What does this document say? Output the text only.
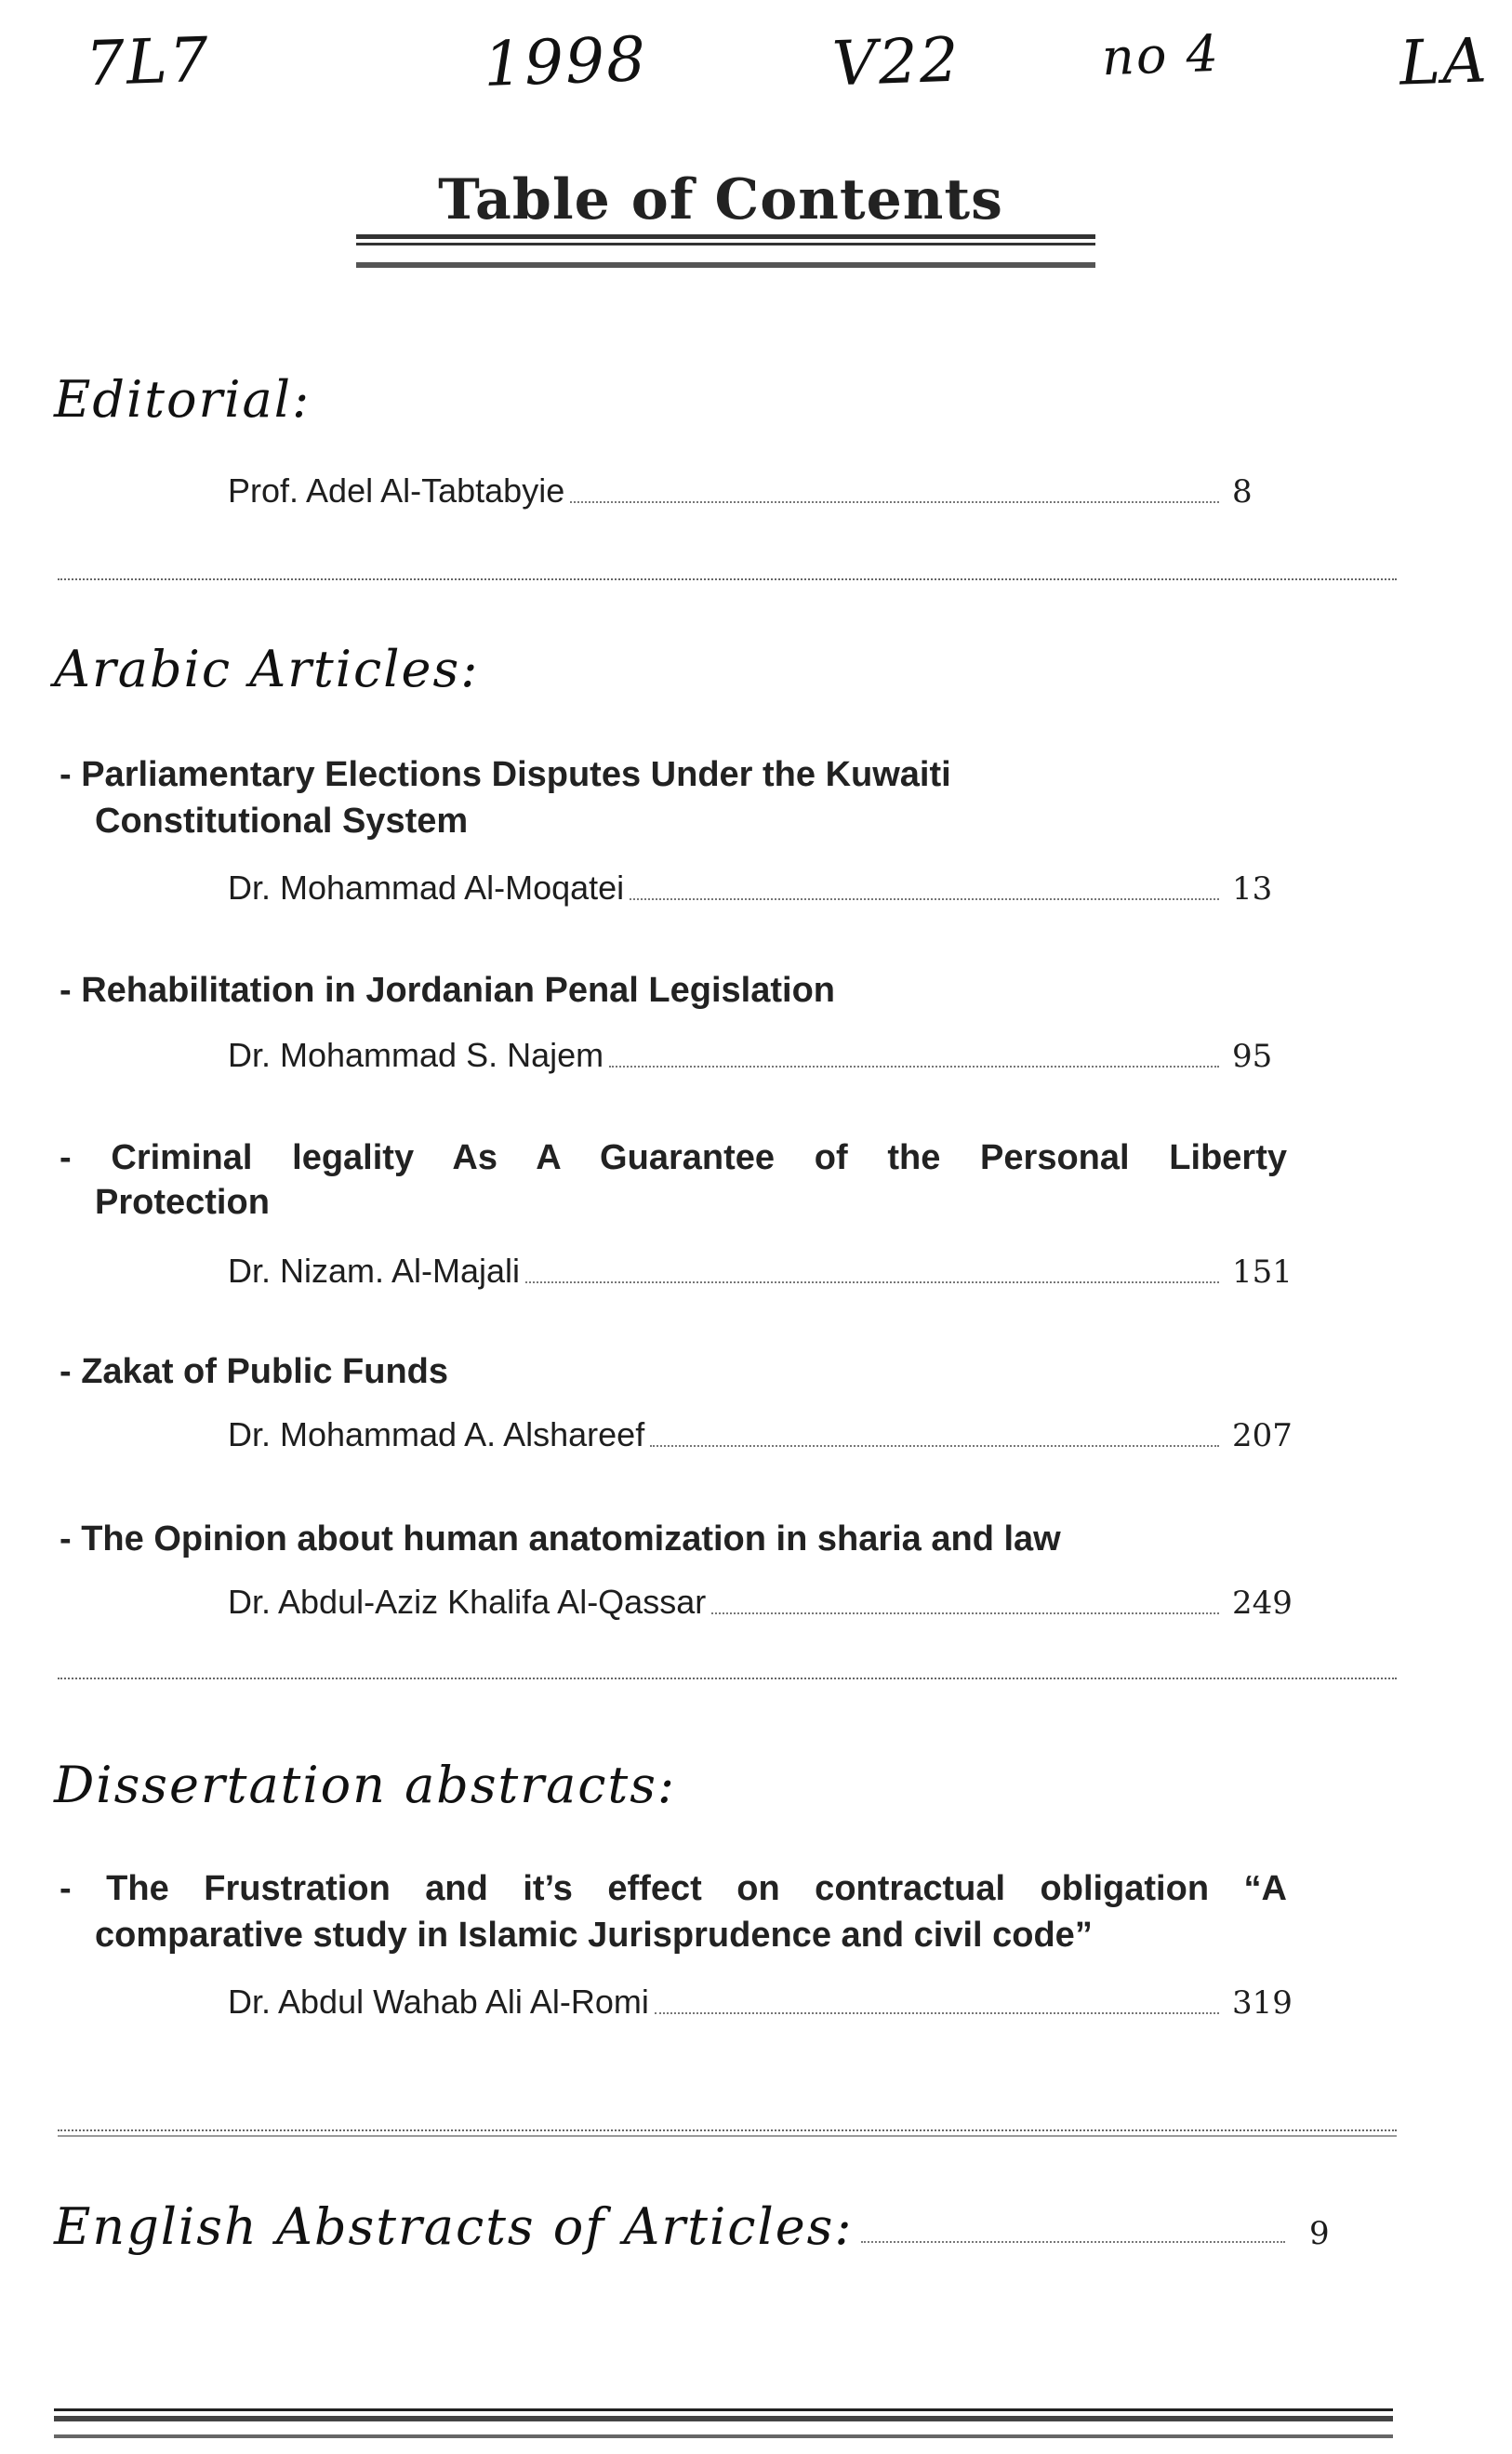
7L7	1998	V22	no 4	LA
Table of Contents
Editorial:
Prof. Adel Al-Tabtabyie	8
Arabic Articles:
- Parliamentary Elections Disputes Under the Kuwaiti
Constitutional System
Dr. Mohammad Al-Moqatei	13
- Rehabilitation in Jordanian Penal Legislation
Dr. Mohammad S. Najem	95
- Criminal legality As A Guarantee of the Personal Liberty
Protection
Dr. Nizam. Al-Majali	151
- Zakat of Public Funds
Dr. Mohammad A. Alshareef	207
- The Opinion about human anatomization in sharia and law
Dr. Abdul-Aziz Khalifa Al-Qassar	249
Dissertation abstracts:
- The Frustration and it’s effect on contractual obligation “A
comparative study in Islamic Jurisprudence and civil code”
Dr. Abdul Wahab Ali Al-Romi	319
English Abstracts of Articles:	9
